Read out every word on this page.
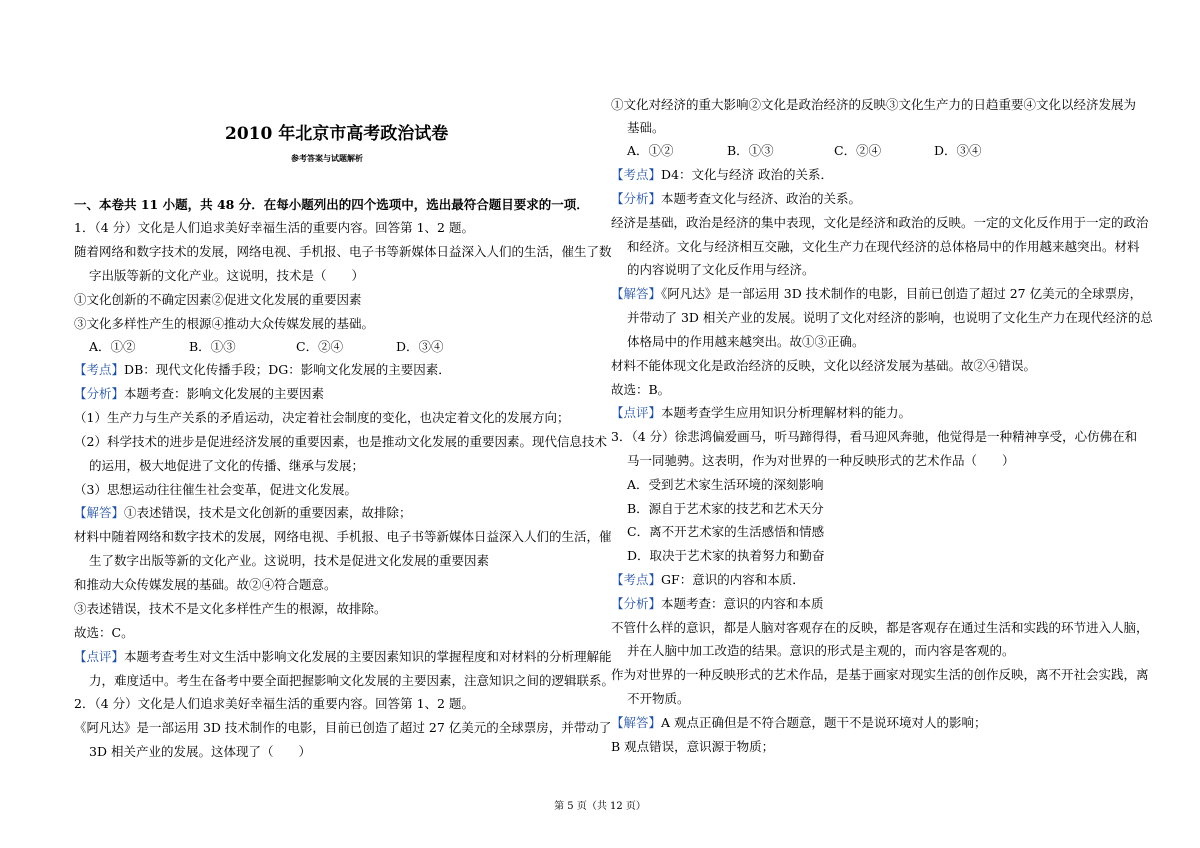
2010 年北京市高考政治试卷
参考答案与试题解析
一、本卷共 11 小题，共 48 分．在每小题列出的四个选项中，选出最符合题目要求的一项．
1．（4 分）文化是人们追求美好幸福生活的重要内容。回答第 1、2 题。
随着网络和数字技术的发展，网络电视、手机报、电子书等新媒体日益深入人们的生活，催生了数
字出版等新的文化产业。这说明，技术是（　　）
①文化创新的不确定因素②促进文化发展的重要因素
③文化多样性产生的根源④推动大众传媒发展的基础。
A．①②	B．①③	C．②④	D．③④
【考点】DB：现代文化传播手段；DG：影响文化发展的主要因素．
【分析】本题考查：影响文化发展的主要因素
（1）生产力与生产关系的矛盾运动，决定着社会制度的变化，也决定着文化的发展方向；
（2）科学技术的进步是促进经济发展的重要因素，也是推动文化发展的重要因素。现代信息技术
的运用，极大地促进了文化的传播、继承与发展；
（3）思想运动往往催生社会变革，促进文化发展。
【解答】①表述错误，技术是文化创新的重要因素，故排除；
材料中随着网络和数字技术的发展，网络电视、手机报、电子书等新媒体日益深入人们的生活，催
生了数字出版等新的文化产业。这说明，技术是促进文化发展的重要因素
和推动大众传媒发展的基础。故②④符合题意。
③表述错误，技术不是文化多样性产生的根源，故排除。
故选：C。
【点评】本题考查考生对文生活中影响文化发展的主要因素知识的掌握程度和对材料的分析理解能
力，难度适中。考生在备考中要全面把握影响文化发展的主要因素，注意知识之间的逻辑联系。
2．（4 分）文化是人们追求美好幸福生活的重要内容。回答第 1、2 题。
《阿凡达》是一部运用 3D 技术制作的电影，目前已创造了超过 27 亿美元的全球票房，并带动了
3D 相关产业的发展。这体现了（　　）
①文化对经济的重大影响②文化是政治经济的反映③文化生产力的日趋重要④文化以经济发展为
基础。
A．①②	B．①③	C．②④	D．③④
【考点】D4：文化与经济 政治的关系．
【分析】本题考查文化与经济、政治的关系。
经济是基础，政治是经济的集中表现，文化是经济和政治的反映。一定的文化反作用于一定的政治
和经济。文化与经济相互交融，文化生产力在现代经济的总体格局中的作用越来越突出。材料
的内容说明了文化反作用与经济。
【解答】《阿凡达》是一部运用 3D 技术制作的电影，目前已创造了超过 27 亿美元的全球票房，
并带动了 3D 相关产业的发展。说明了文化对经济的影响，也说明了文化生产力在现代经济的总
体格局中的作用越来越突出。故①③正确。
材料不能体现文化是政治经济的反映，文化以经济发展为基础。故②④错误。
故选：B。
【点评】本题考查学生应用知识分析理解材料的能力。
3．（4 分）徐悲鸿偏爱画马，听马蹄得得，看马迎风奔驰，他觉得是一种精神享受，心仿佛在和
马一同驰骋。这表明，作为对世界的一种反映形式的艺术作品（　　）
A．受到艺术家生活环境的深刻影响
B．源自于艺术家的技艺和艺术天分
C．离不开艺术家的生活感悟和情感
D．取决于艺术家的执着努力和勤奋
【考点】GF：意识的内容和本质．
【分析】本题考查：意识的内容和本质
不管什么样的意识，都是人脑对客观存在的反映，都是客观存在通过生活和实践的环节进入人脑，
并在人脑中加工改造的结果。意识的形式是主观的，而内容是客观的。
作为对世界的一种反映形式的艺术作品，是基于画家对现实生活的创作反映，离不开社会实践，离
不开物质。
【解答】A 观点正确但是不符合题意，题干不是说环境对人的影响；
B 观点错误，意识源于物质；
第 5 页（共 12 页）
